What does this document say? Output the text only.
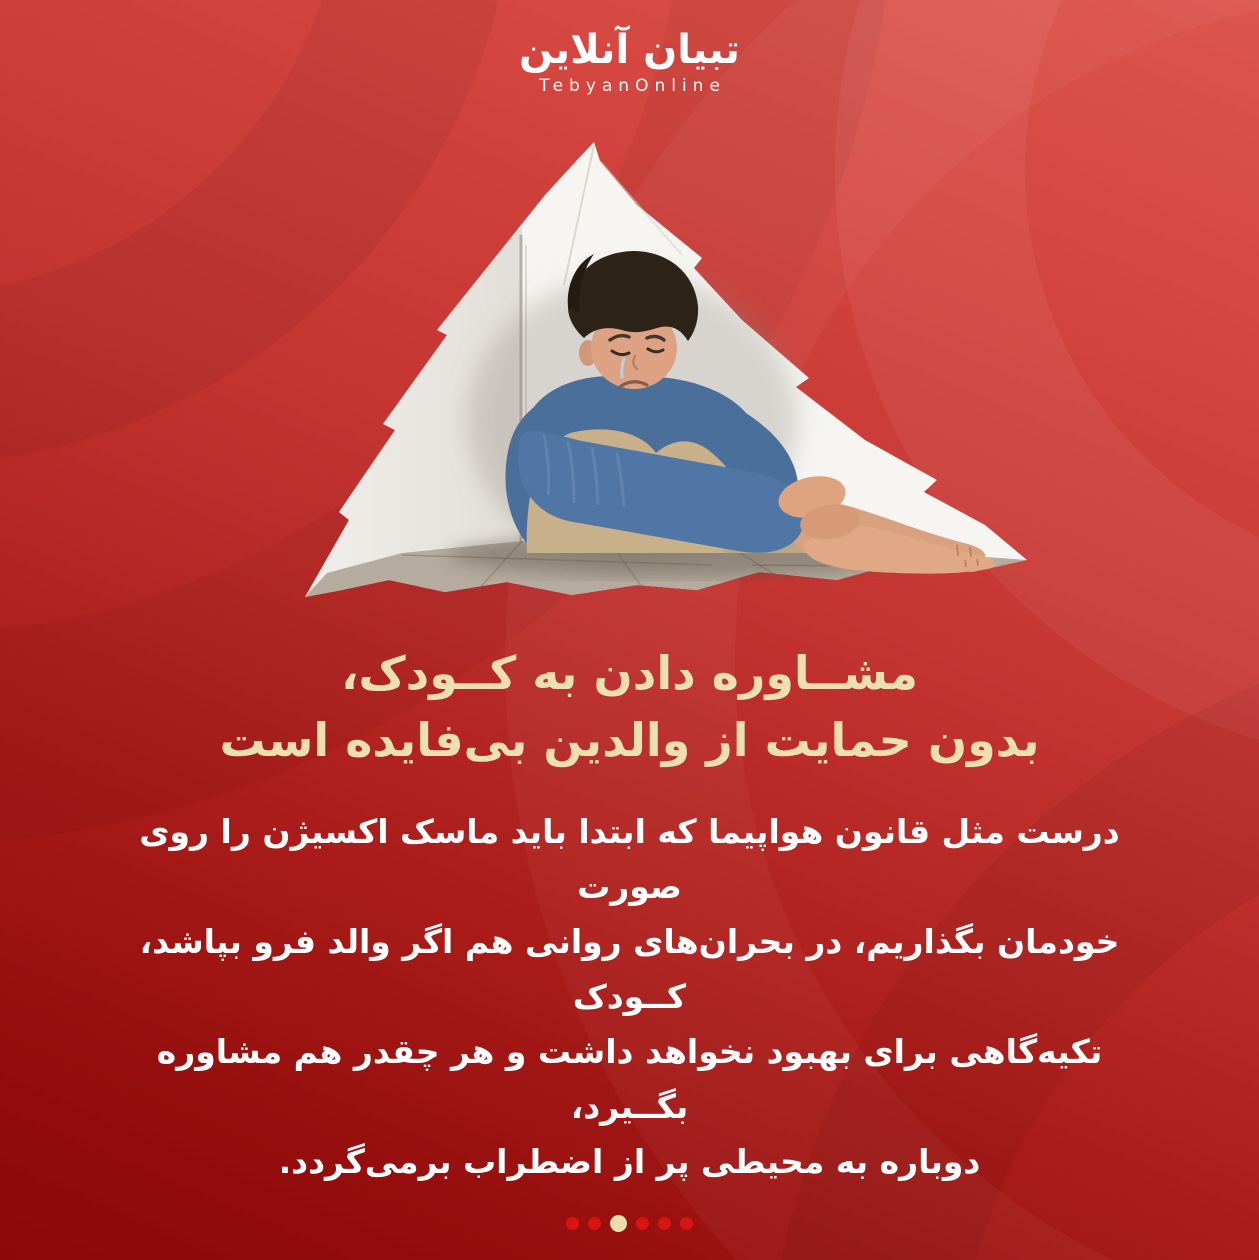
تبیان آنلاین
TebyanOnline
مشــاوره دادن به کــودک،
بدون حمایت از والدین بی‌فایده است
درست مثل قانون هواپیما که ابتدا باید ماسک اکسیژن را روی صورت
خودمان بگذاریم، در بحران‌های روانی هم اگر والد فرو بپاشد، کــودک
تکیه‌گاهی برای بهبود نخواهد داشت و هر چقدر هم مشاوره بگــیرد،
دوباره به محیطی پر از اضطراب برمی‌گردد.
